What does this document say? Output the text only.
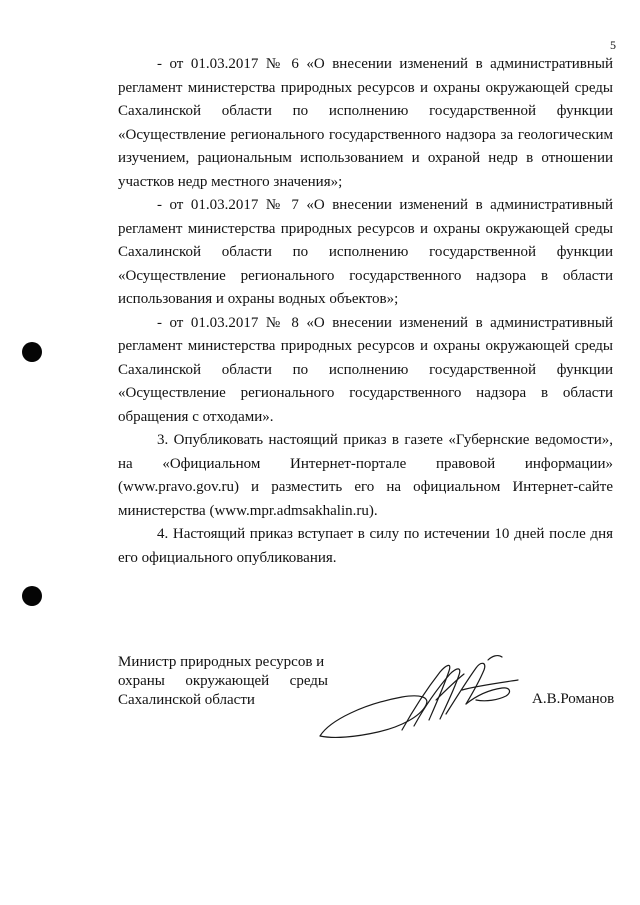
5

- от 01.03.2017 № 6 «О внесении изменений в административный регламент министерства природных ресурсов и охраны окружающей среды Сахалинской области по исполнению государственной функции «Осуществление регионального государственного надзора за геологическим изучением, рациональным использованием и охраной недр в отношении участков недр местного значения»;

- от 01.03.2017 № 7 «О внесении изменений в административный регламент министерства природных ресурсов и охраны окружающей среды Сахалинской области по исполнению государственной функции «Осуществление регионального государственного надзора в области использования и охраны водных объектов»;

- от 01.03.2017 № 8 «О внесении изменений в административный регламент министерства природных ресурсов и охраны окружающей среды Сахалинской области по исполнению государственной функции «Осуществление регионального государственного надзора в области обращения с отходами».

3. Опубликовать настоящий приказ в газете «Губернские ведомости», на «Официальном Интернет-портале правовой информации» (www.pravo.gov.ru) и разместить его на официальном Интернет-сайте министерства (www.mpr.admsakhalin.ru).

4. Настоящий приказ вступает в силу по истечении 10 дней после дня его официального опубликования.

Министр природных ресурсов и
охраны окружающей среды
Сахалинской области	А.В.Романов
